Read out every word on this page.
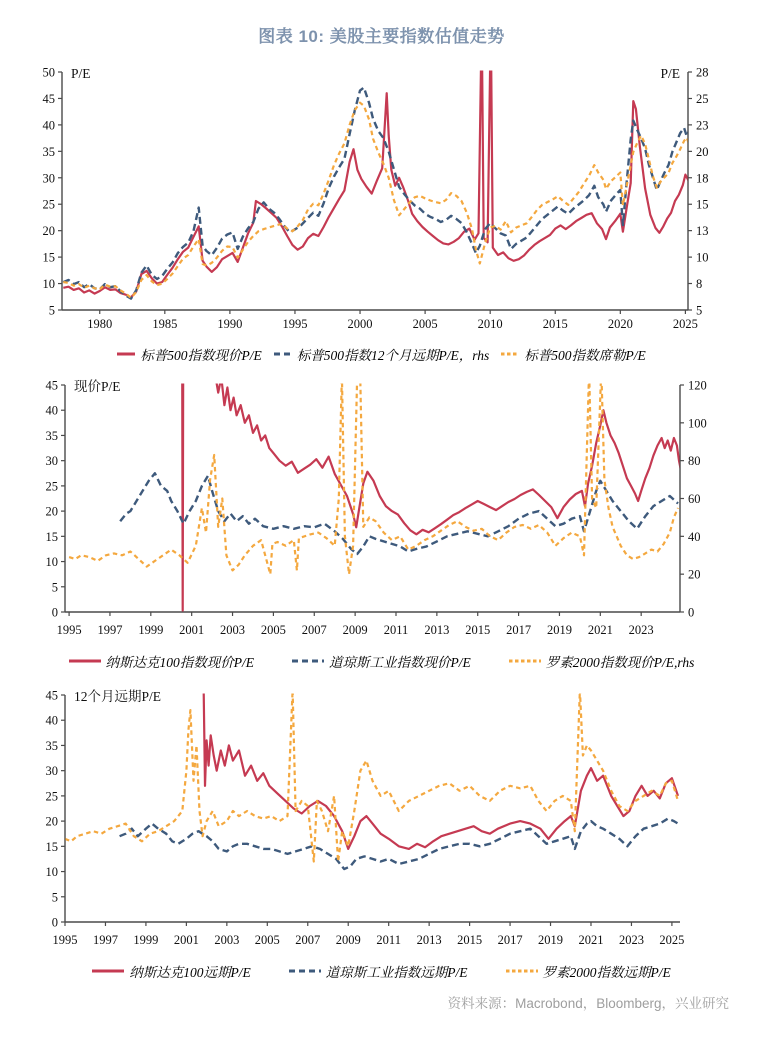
图表 10: 美股主要指数估值走势
5
10
15
20
25
30
35
40
45
50
5
8
10
13
15
18
20
23
25
28
1980	1985	1990	1995	2000	2005	2010	2015	2020	2025
P/E	P/E
标普500指数现价P/E	标普500指数12个月远期P/E，rhs	标普500指数席勒P/E
0
5
10
15
20
25
30
35
40
45
0
20
40
60
80
100
120
1995 1997 1999 2001 2003 2005 2007 2009 2011 2013 2015 2017 2019 2021 2023
现价P/E
纳斯达克100指数现价P/E	道琼斯工业指数现价P/E	罗素2000指数现价P/E,rhs
0
5
10
15
20
25
30
35
40
45
1995 1997 1999 2001 2003 2005 2007 2009 2011 2013 2015 2017 2019 2021 2023 2025
12个月远期P/E
纳斯达克100远期P/E	道琼斯工业指数远期P/E	罗素2000指数远期P/E
资料来源：Macrobond，Bloomberg，兴业研究
